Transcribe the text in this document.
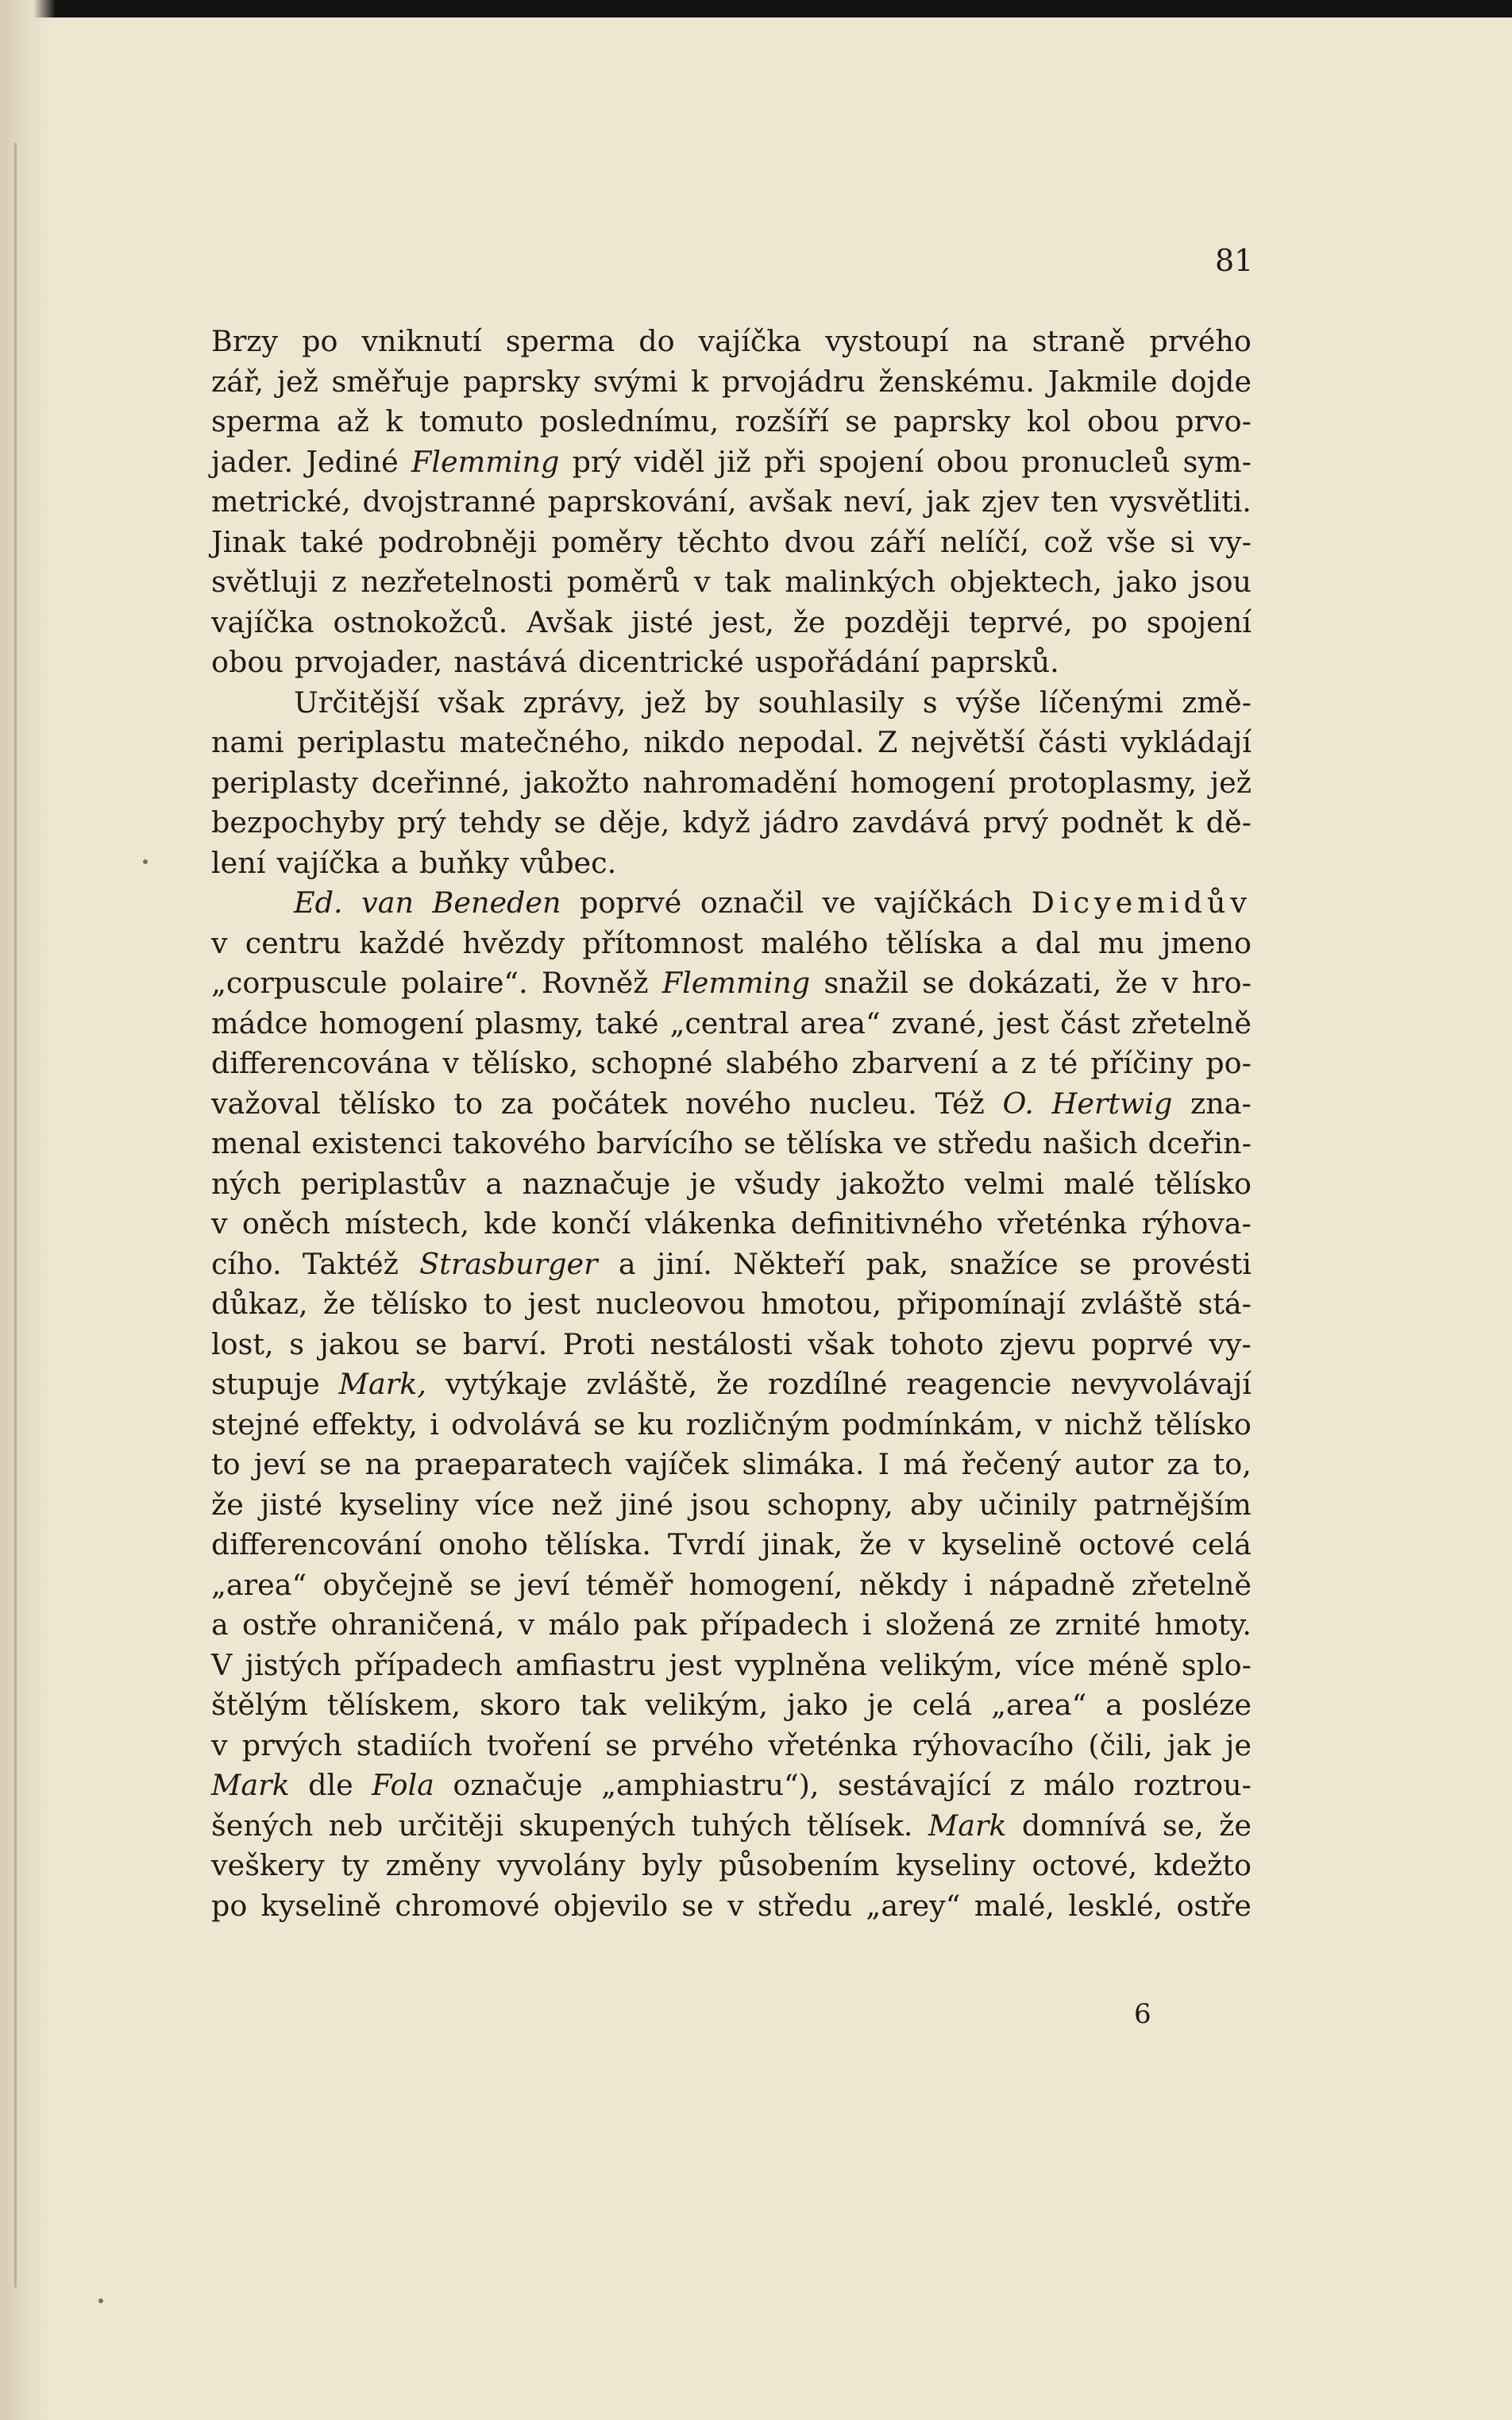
81
Brzy po vniknutí sperma do vajíčka vystoupí na straně prvého
zář, jež směřuje paprsky svými k prvojádru ženskému. Jakmile dojde
sperma až k tomuto poslednímu, rozšíří se paprsky kol obou prvo-
jader. Jediné Flemming prý viděl již při spojení obou pronucleů sym-
metrické, dvojstranné paprskování, avšak neví, jak zjev ten vysvětliti.
Jinak také podrobněji poměry těchto dvou září nelíčí, což vše si vy-
světluji z nezřetelnosti poměrů v tak malinkých objektech, jako jsou
vajíčka ostnokožců. Avšak jisté jest, že později teprvé, po spojení
obou prvojader, nastává dicentrické uspořádání paprsků.
Určitější však zprávy, jež by souhlasily s výše líčenými změ-
nami periplastu matečného, nikdo nepodal. Z největší části vykládají
periplasty dceřinné, jakožto nahromadění homogení protoplasmy, jež
bezpochyby prý tehdy se děje, když jádro zavdává prvý podnět k dě-
lení vajíčka a buňky vůbec.
Ed. van Beneden poprvé označil ve vajíčkách Dicyemidův
v centru každé hvězdy přítomnost malého tělíska a dal mu jmeno
„corpuscule polaire“. Rovněž Flemming snažil se dokázati, že v hro-
mádce homogení plasmy, také „central area“ zvané, jest část zřetelně
differencována v tělísko, schopné slabého zbarvení a z té příčiny po-
važoval tělísko to za počátek nového nucleu. Též O. Hertwig zna-
menal existenci takového barvícího se tělíska ve středu našich dceřin-
ných periplastův a naznačuje je všudy jakožto velmi malé tělísko
v oněch místech, kde končí vlákenka definitivného vřeténka rýhova-
cího. Taktéž Strasburger a jiní. Někteří pak, snažíce se provésti
důkaz, že tělísko to jest nucleovou hmotou, připomínají zvláště stá-
lost, s jakou se barví. Proti nestálosti však tohoto zjevu poprvé vy-
stupuje Mark, vytýkaje zvláště, že rozdílné reagencie nevyvolávají
stejné effekty, i odvolává se ku rozličným podmínkám, v nichž tělísko
to jeví se na praeparatech vajíček slimáka. I má řečený autor za to,
že jisté kyseliny více než jiné jsou schopny, aby učinily patrnějším
differencování onoho tělíska. Tvrdí jinak, že v kyselině octové celá
„area“ obyčejně se jeví téměř homogení, někdy i nápadně zřetelně
a ostře ohraničená, v málo pak případech i složená ze zrnité hmoty.
V jistých případech amfiastru jest vyplněna velikým, více méně splo-
štělým tělískem, skoro tak velikým, jako je celá „area“ a posléze
v prvých stadiích tvoření se prvého vřeténka rýhovacího (čili, jak je
Mark dle Fola označuje „amphiastru“), sestávající z málo roztrou-
šených neb určitěji skupených tuhých tělísek. Mark domnívá se, že
veškery ty změny vyvolány byly působením kyseliny octové, kdežto
po kyselině chromové objevilo se v středu „arey“ malé, lesklé, ostře
6
